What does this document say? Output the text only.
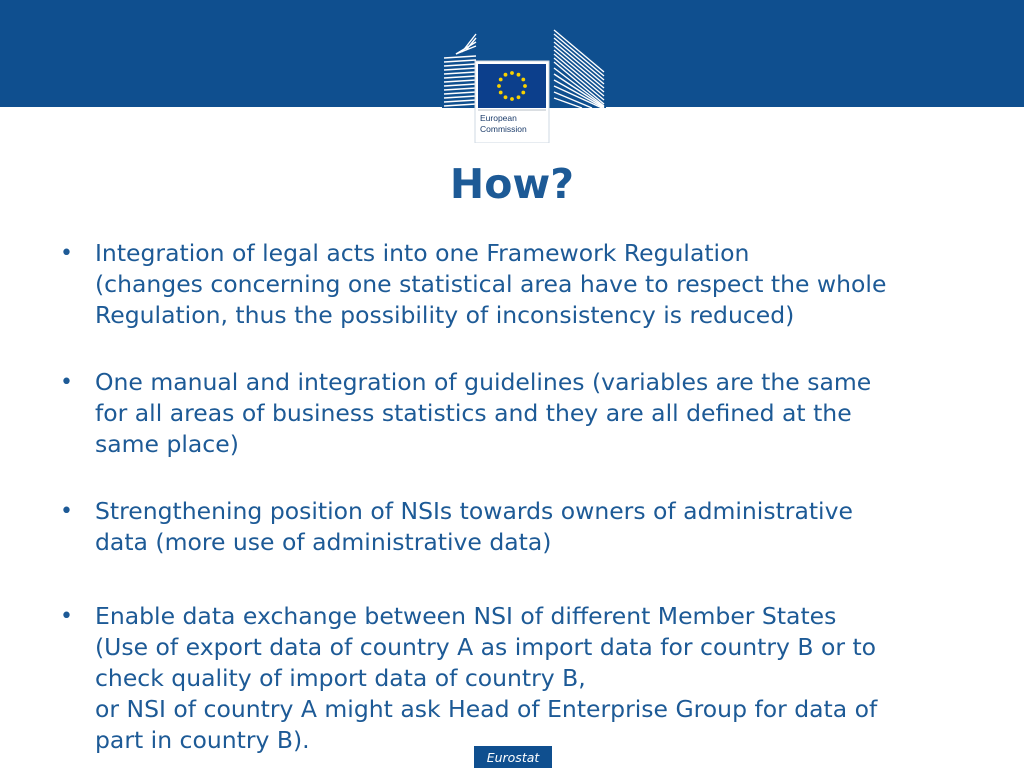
European
Commission
How?
• Integration of legal acts into one Framework Regulation
(changes concerning one statistical area have to respect the whole
Regulation, thus the possibility of inconsistency is reduced)
• One manual and integration of guidelines (variables are the same
for all areas of business statistics and they are all defined at the
same place)
• Strengthening position of NSIs towards owners of administrative
data (more use of administrative data)
• Enable data exchange between NSI of different Member States
(Use of export data of country A as import data for country B or to
check quality of import data of country B,
or NSI of country A might ask Head of Enterprise Group for data of
part in country B).
Eurostat
